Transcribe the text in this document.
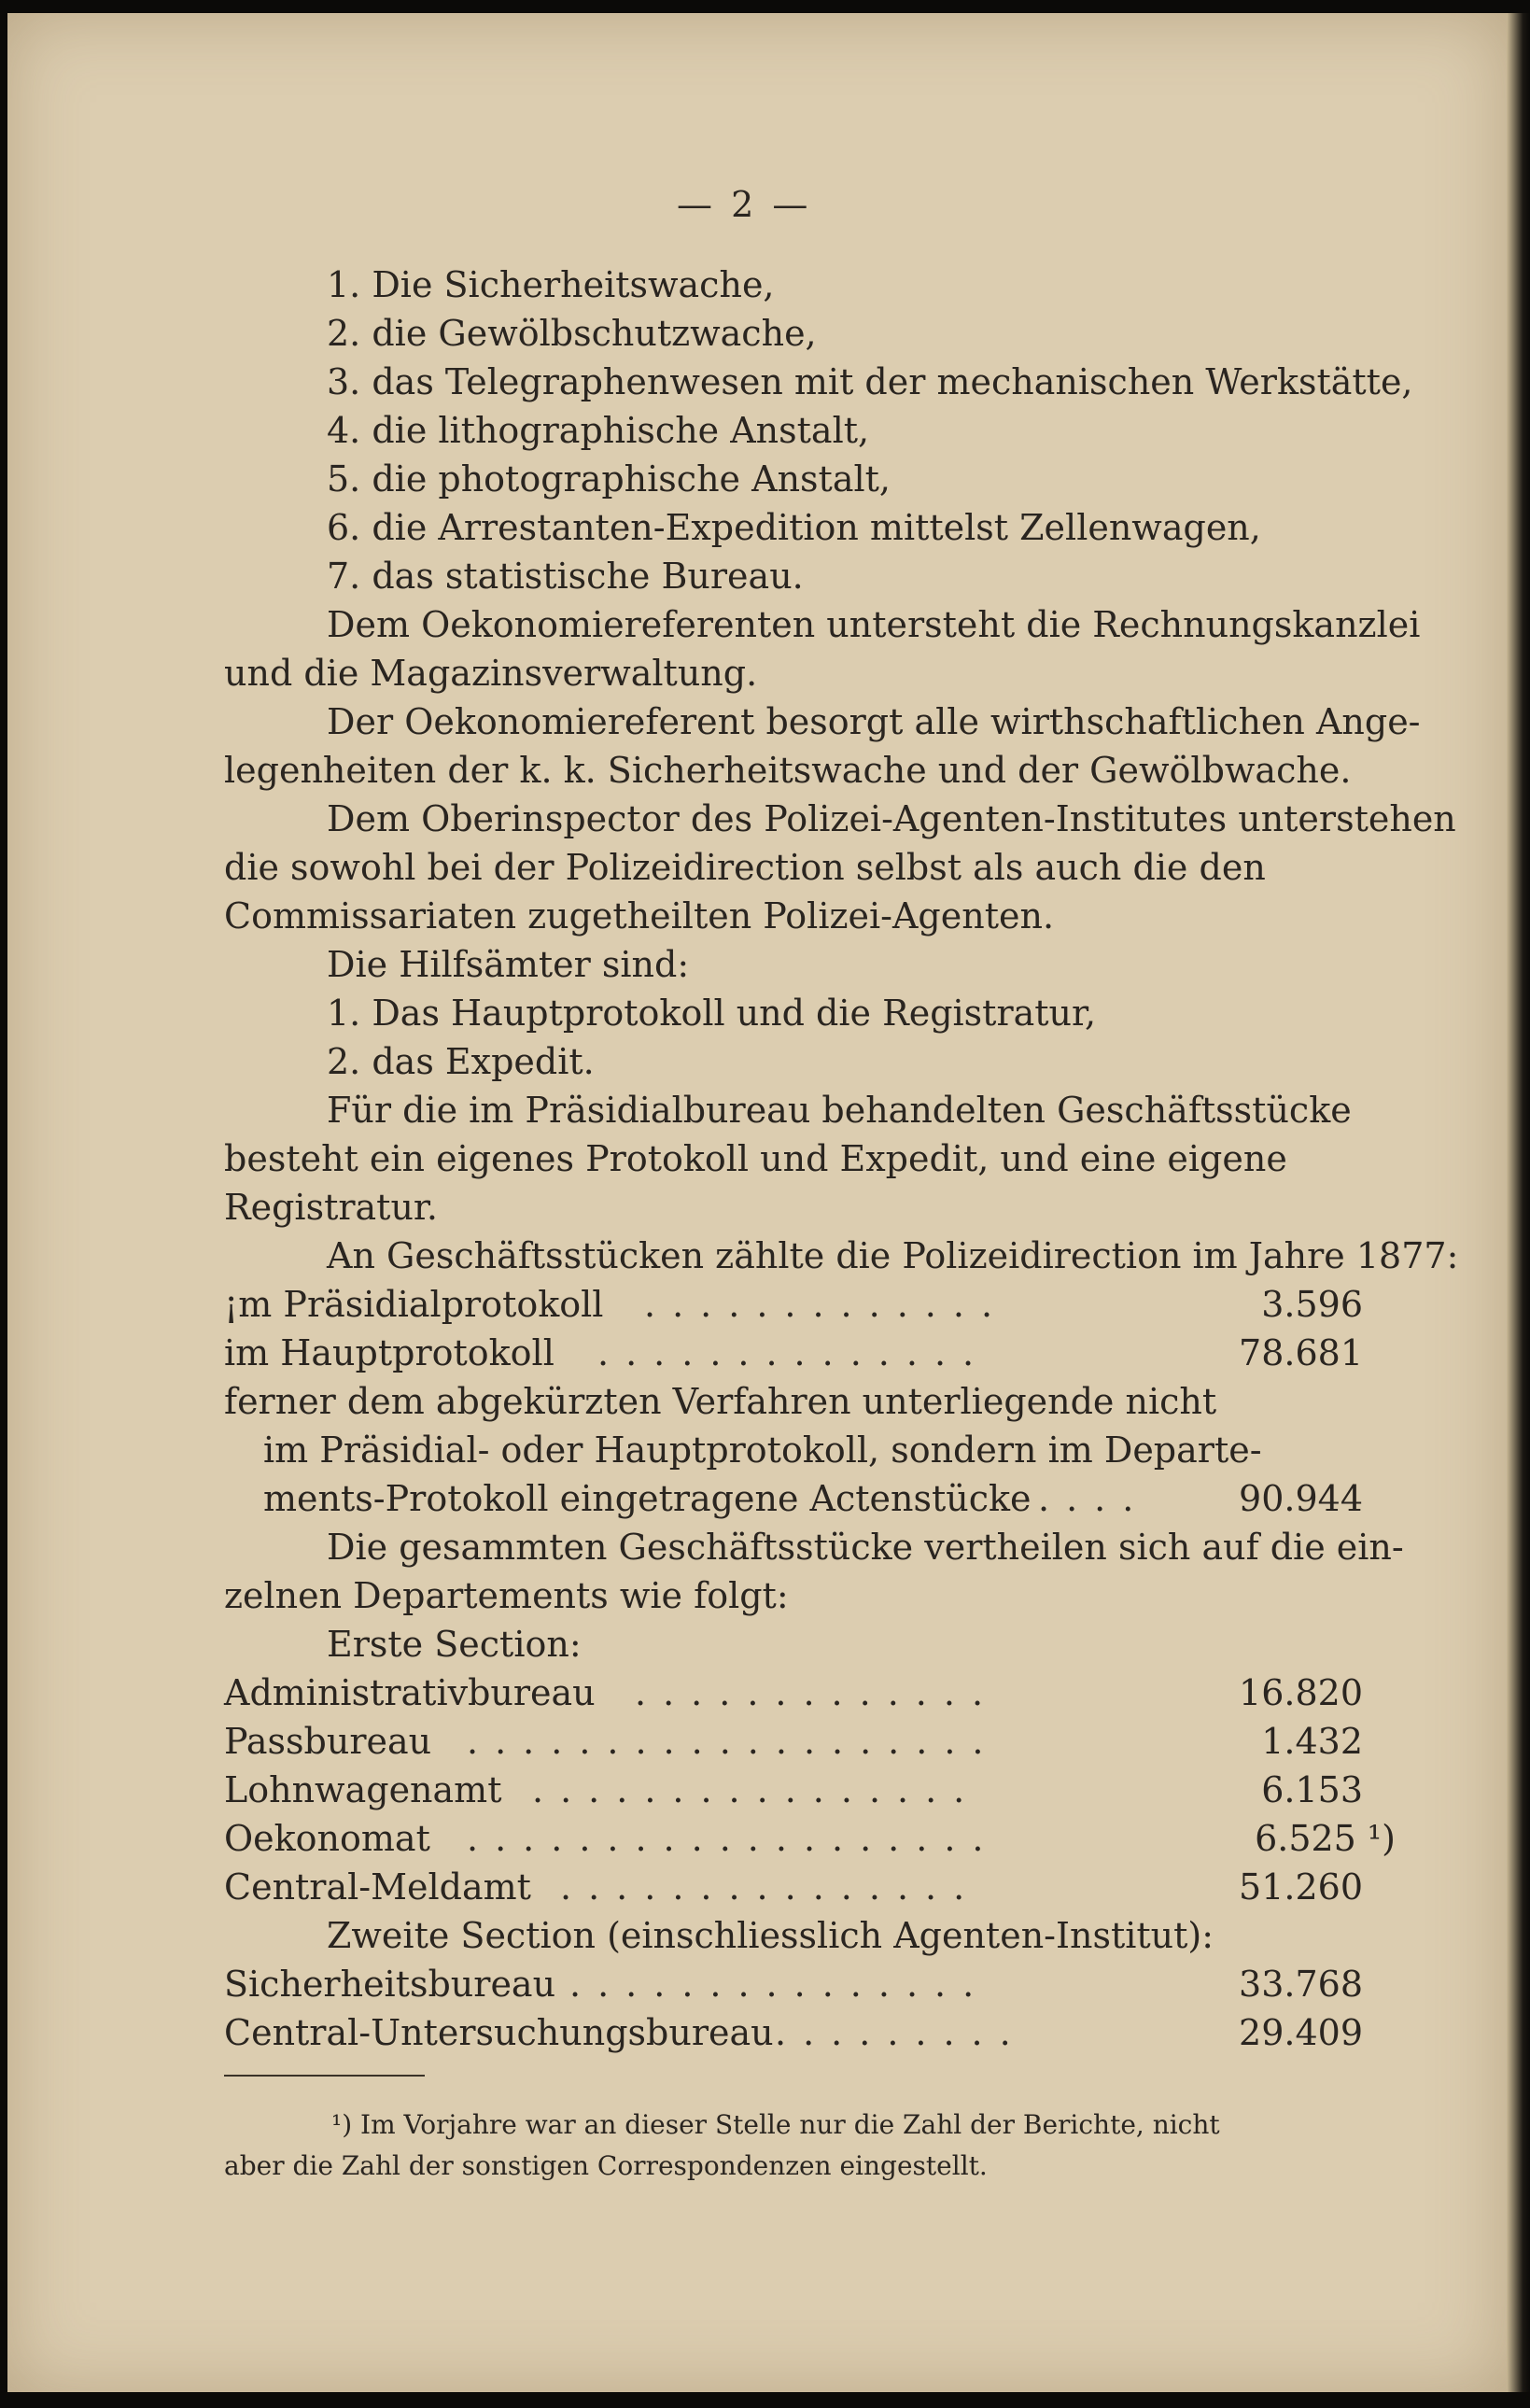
— 2 —
1. Die Sicherheitswache,
2. die Gewölbschutzwache,
3. das Telegraphenwesen mit der mechanischen Werkstätte,
4. die lithographische Anstalt,
5. die photographische Anstalt,
6. die Arrestanten-Expedition mittelst Zellenwagen,
7. das statistische Bureau.
Dem Oekonomiereferenten untersteht die Rechnungskanzlei
und die Magazinsverwaltung.
Der Oekonomiereferent besorgt alle wirthschaftlichen Ange-
legenheiten der k. k. Sicherheitswache und der Gewölbwache.
Dem Oberinspector des Polizei-Agenten-Institutes unterstehen
die sowohl bei der Polizeidirection selbst als auch die den
Commissariaten zugetheilten Polizei-Agenten.
Die Hilfsämter sind:
1. Das Hauptprotokoll und die Registratur,
2. das Expedit.
Für die im Präsidialbureau behandelten Geschäftsstücke
besteht ein eigenes Protokoll und Expedit, und eine eigene
Registratur.
An Geschäftsstücken zählte die Polizeidirection im Jahre 1877:
¡m Präsidialprotokoll .............	3.596
im Hauptprotokoll ..............	78.681
ferner dem abgekürzten Verfahren unterliegende nicht
im Präsidial- oder Hauptprotokoll, sondern im Departe-
ments-Protokoll eingetragene Actenstücke .... 90.944
Die gesammten Geschäftsstücke vertheilen sich auf die ein-
zelnen Departements wie folgt:
Erste Section:
Administrativbureau .............	16.820
Passbureau ...................	1.432
Lohnwagenamt ................	6.153
Oekonomat ...................	6.525 ¹)
Central-Meldamt ...............	51.260
Zweite Section (einschliesslich Agenten-Institut):
Sicherheitsbureau ...............	33.768
Central-Untersuchungsbureau .........	29.409
¹) Im Vorjahre war an dieser Stelle nur die Zahl der Berichte, nicht
aber die Zahl der sonstigen Correspondenzen eingestellt.
